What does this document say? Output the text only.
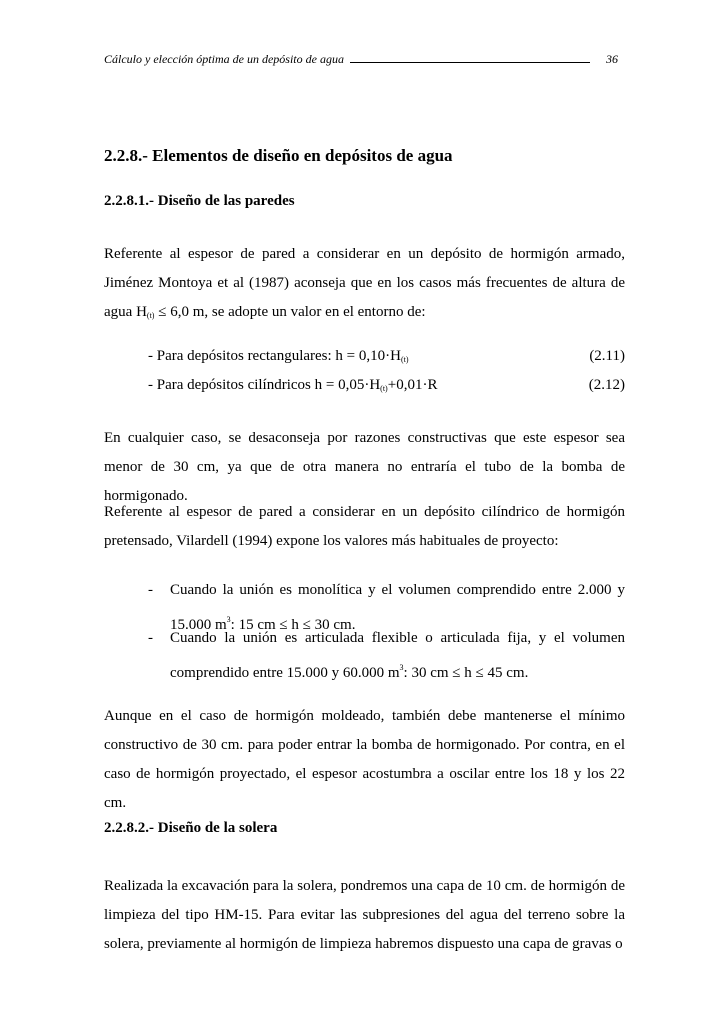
Cálculo y elección óptima de un depósito de agua	36
2.2.8.- Elementos de diseño en depósitos de agua
2.2.8.1.- Diseño de las paredes
Referente al espesor de pared a considerar en un depósito de hormigón armado, Jiménez Montoya et al (1987) aconseja que en los casos más frecuentes de altura de agua $H_{(t)} \le 6,0$ m, se adopte un valor en el entorno de:
- Para depósitos rectangulares: $h = 0,10\cdot H_{(t)}$	(2.11)
- Para depósitos cilíndricos $h = 0,05\cdot H_{(t)}+0,01\cdot R$	(2.12)
En cualquier caso, se desaconseja por razones constructivas que este espesor sea menor de 30 cm, ya que de otra manera no entraría el tubo de la bomba de hormigonado.
Referente al espesor de pared a considerar en un depósito cilíndrico de hormigón pretensado, Vilardell (1994) expone los valores más habituales de proyecto:
-	Cuando la unión es monolítica y el volumen comprendido entre 2.000 y 15.000 $m^3$: 15 cm ≤ h ≤ 30 cm.
-	Cuando la unión es articulada flexible o articulada fija, y el volumen comprendido entre 15.000 y 60.000 $m^3$: 30 cm ≤ h ≤ 45 cm.
Aunque en el caso de hormigón moldeado, también debe mantenerse el mínimo constructivo de 30 cm. para poder entrar la bomba de hormigonado. Por contra, en el caso de hormigón proyectado, el espesor acostumbra a oscilar entre los 18 y los 22 cm.
2.2.8.2.- Diseño de la solera
Realizada la excavación para la solera, pondremos una capa de 10 cm. de hormigón de limpieza del tipo HM-15. Para evitar las subpresiones del agua del terreno sobre la solera, previamente al hormigón de limpieza habremos dispuesto una capa de gravas o
